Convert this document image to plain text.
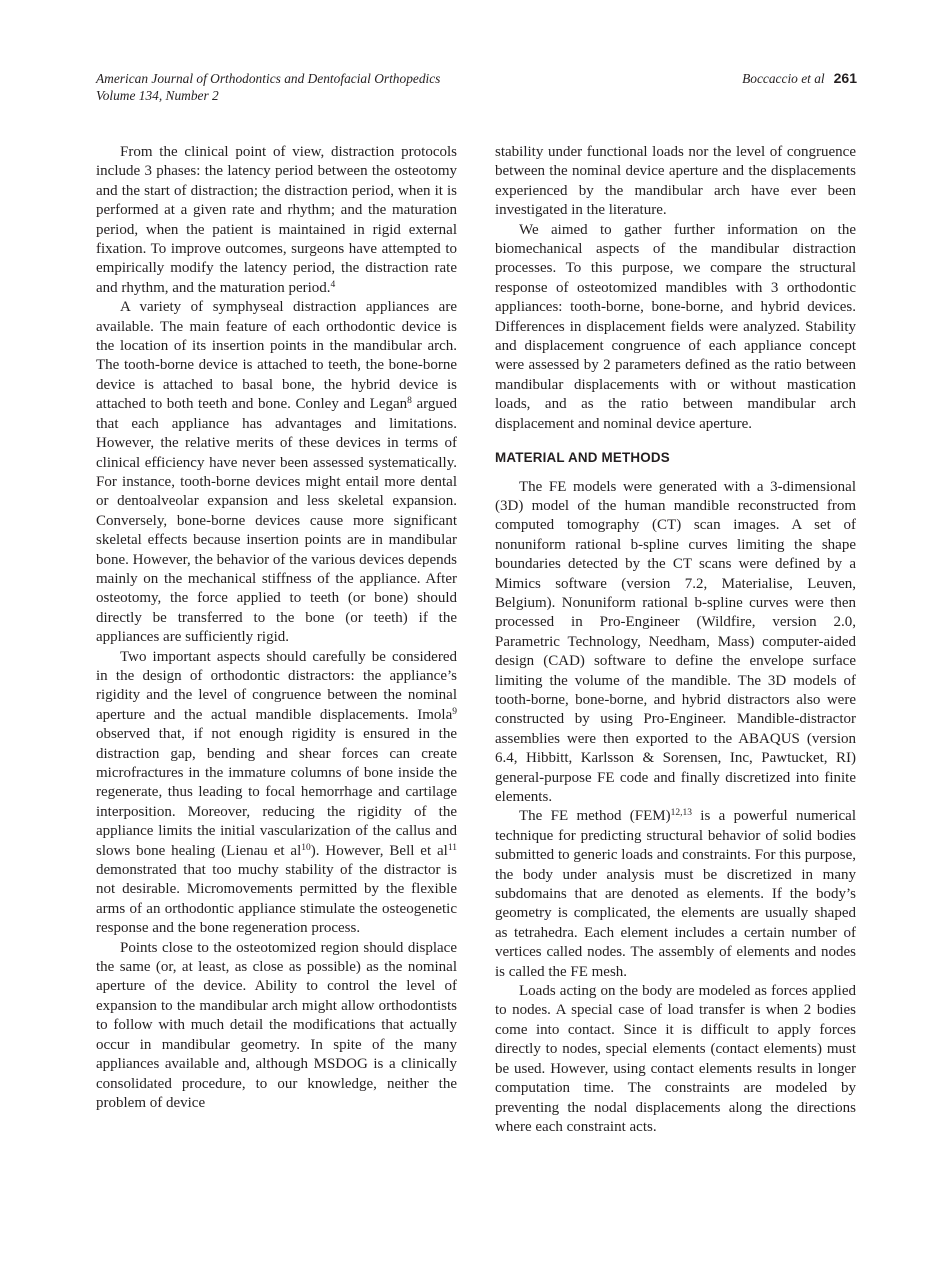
American Journal of Orthodontics and Dentofacial Orthopedics
Volume 134, Number 2
Boccaccio et al 261

From the clinical point of view, distraction protocols include 3 phases: the latency period between the osteotomy and the start of distraction; the distraction period, when it is performed at a given rate and rhythm; and the maturation period, when the patient is maintained in rigid external fixation. To improve outcomes, surgeons have attempted to empirically modify the latency period, the distraction rate and rhythm, and the maturation period.$^4$

A variety of symphyseal distraction appliances are available. The main feature of each orthodontic device is the location of its insertion points in the mandibular arch. The tooth-borne device is attached to teeth, the bone-borne device is attached to basal bone, the hybrid device is attached to both teeth and bone. Conley and Legan$^8$ argued that each appliance has advantages and limitations. However, the relative merits of these devices in terms of clinical efficiency have never been assessed systematically. For instance, tooth-borne devices might entail more dental or dentoalveolar expansion and less skeletal expansion. Conversely, bone-borne devices cause more significant skeletal effects because insertion points are in mandibular bone. However, the behavior of the various devices depends mainly on the mechanical stiffness of the appliance. After osteotomy, the force applied to teeth (or bone) should directly be transferred to the bone (or teeth) if the appliances are sufficiently rigid.

Two important aspects should carefully be considered in the design of orthodontic distractors: the appliance’s rigidity and the level of congruence between the nominal aperture and the actual mandible displacements. Imola$^9$ observed that, if not enough rigidity is ensured in the distraction gap, bending and shear forces can create microfractures in the immature columns of bone inside the regenerate, thus leading to focal hemorrhage and cartilage interposition. Moreover, reducing the rigidity of the appliance limits the initial vascularization of the callus and slows bone healing (Lienau et $al^{10}$). However, Bell et $al^{11}$ demonstrated that too muchy stability of the distractor is not desirable. Micromovements permitted by the flexible arms of an orthodontic appliance stimulate the osteogenetic response and the bone regeneration process.

Points close to the osteotomized region should displace the same (or, at least, as close as possible) as the nominal aperture of the device. Ability to control the level of expansion to the mandibular arch might allow orthodontists to follow with much detail the modifications that actually occur in mandibular geometry. In spite of the many appliances available and, although MSDOG is a clinically consolidated procedure, to our knowledge, neither the problem of device

stability under functional loads nor the level of congruence between the nominal device aperture and the displacements experienced by the mandibular arch have ever been investigated in the literature.

We aimed to gather further information on the biomechanical aspects of the mandibular distraction processes. To this purpose, we compare the structural response of osteotomized mandibles with 3 orthodontic appliances: tooth-borne, bone-borne, and hybrid devices. Differences in displacement fields were analyzed. Stability and displacement congruence of each appliance concept were assessed by 2 parameters defined as the ratio between mandibular displacements with or without mastication loads, and as the ratio between mandibular arch displacement and nominal device aperture.

MATERIAL AND METHODS

The FE models were generated with a 3-dimensional (3D) model of the human mandible reconstructed from computed tomography (CT) scan images. A set of nonuniform rational b-spline curves limiting the shape boundaries detected by the CT scans were defined by a Mimics software (version 7.2, Materialise, Leuven, Belgium). Nonuniform rational b-spline curves were then processed in Pro-Engineer (Wildfire, version 2.0, Parametric Technology, Needham, Mass) computer-aided design (CAD) software to define the envelope surface limiting the volume of the mandible. The 3D models of tooth-borne, bone-borne, and hybrid distractors also were constructed by using Pro-Engineer. Mandible-distractor assemblies were then exported to the ABAQUS (version 6.4, Hibbitt, Karlsson & Sorensen, Inc, Pawtucket, RI) general-purpose FE code and finally discretized into finite elements.

The FE method (FEM)$^{12,13}$ is a powerful numerical technique for predicting structural behavior of solid bodies submitted to generic loads and constraints. For this purpose, the body under analysis must be discretized in many subdomains that are denoted as elements. If the body’s geometry is complicated, the elements are usually shaped as tetrahedra. Each element includes a certain number of vertices called nodes. The assembly of elements and nodes is called the FE mesh.

Loads acting on the body are modeled as forces applied to nodes. A special case of load transfer is when 2 bodies come into contact. Since it is difficult to apply forces directly to nodes, special elements (contact elements) must be used. However, using contact elements results in longer computation time. The constraints are modeled by preventing the nodal displacements along the directions where each constraint acts.
